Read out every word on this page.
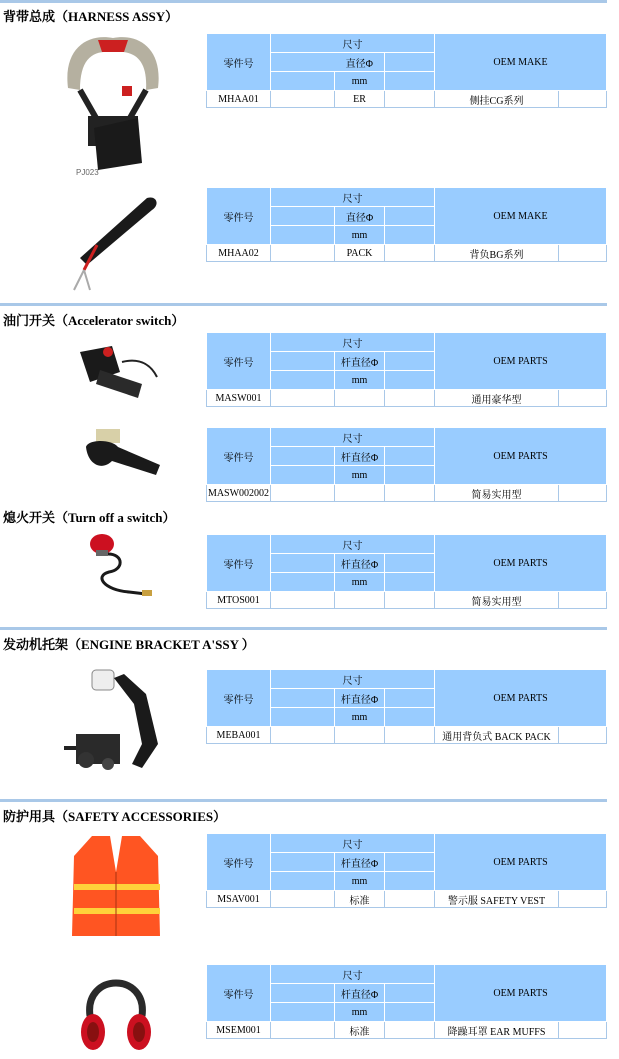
背带总成（HARNESS ASSY）
PJ023
零件号	尺寸			OEM MAKE	
		直径Φ			
		mm			
MHAA01		ER		侧挂CG系列	
零件号	尺寸			OEM MAKE	
		直径Φ			
		mm			
MHAA02		PACK		背负BG系列	
油门开关（Accelerator switch）
零件号	尺寸			OEM PARTS	
		杆直径Φ			
		mm			
MASW001				通用豪华型	
零件号	尺寸			OEM PARTS	
		杆直径Φ			
		mm			
MASW002002				简易实用型	
熄火开关（Turn off a switch）
零件号	尺寸			OEM PARTS	
		杆直径Φ			
		mm			
MTOS001				简易实用型	
发动机托架（ENGINE BRACKET A'SSY ）
零件号	尺寸			OEM PARTS	
		杆直径Φ			
		mm			
MEBA001				通用背负式 BACK PACK	
防护用具（SAFETY ACCESSORIES）
零件号	尺寸			OEM PARTS	
		杆直径Φ			
		mm			
MSAV001		标准		警示服 SAFETY VEST	
零件号	尺寸			OEM PARTS	
		杆直径Φ			
		mm			
MSEM001		标准		降躁耳罩 EAR MUFFS	
